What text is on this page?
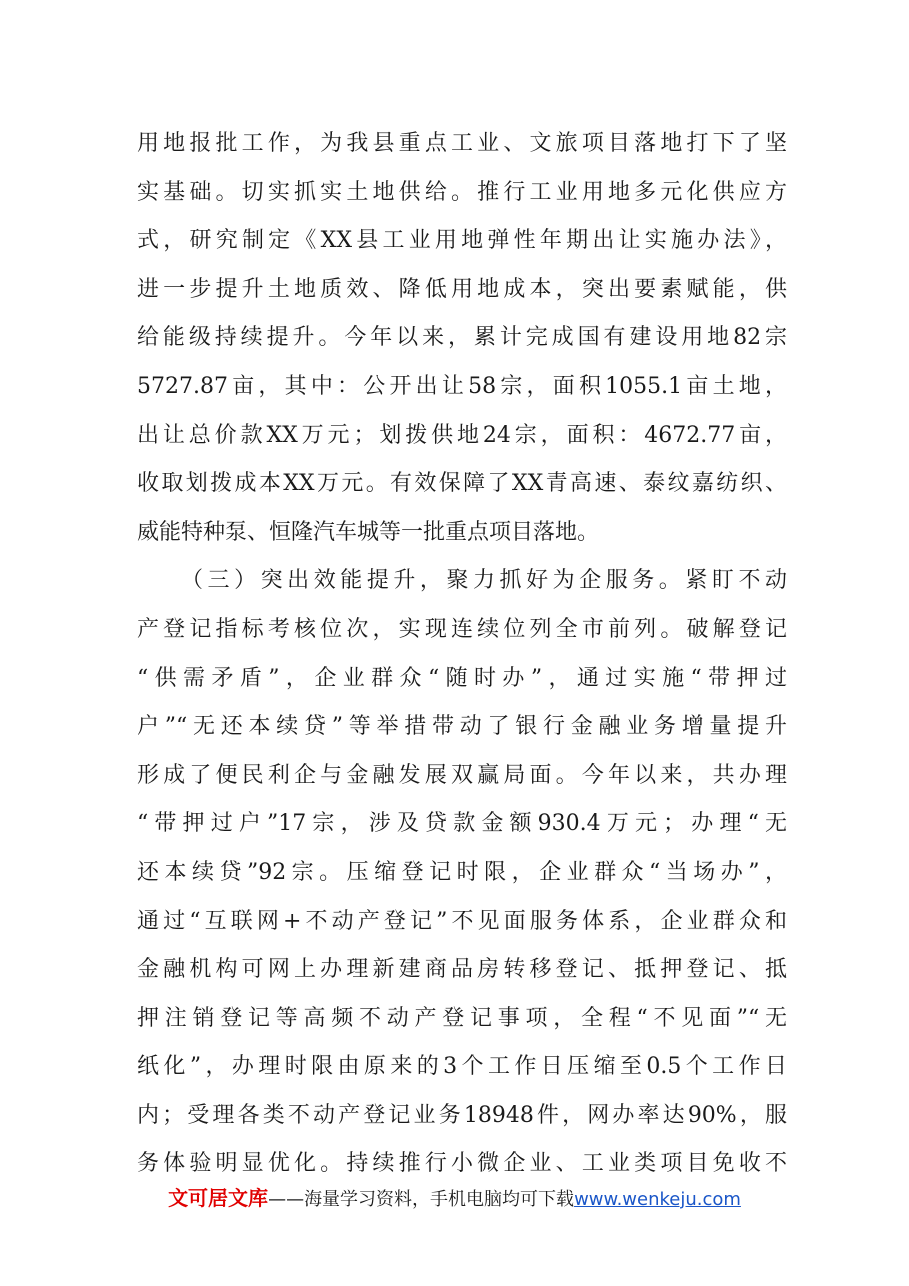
用地报批工作，为我县重点工业、文旅项目落地打下了坚
实基础。切实抓实土地供给。推行工业用地多元化供应方
式，研究制定《XX县工业用地弹性年期出让实施办法》，
进一步提升土地质效、降低用地成本，突出要素赋能，供
给能级持续提升。今年以来，累计完成国有建设用地82宗
5727.87亩，其中：公开出让58宗，面积1055.1亩土地，
出让总价款XX万元；划拨供地24宗，面积：4672.77亩，
收取划拨成本XX万元。有效保障了XX青高速、泰纹嘉纺织、
威能特种泵、恒隆汽车城等一批重点项目落地。
（三）突出效能提升，聚力抓好为企服务。紧盯不动
产登记指标考核位次，实现连续位列全市前列。破解登记
“供需矛盾”，企业群众“随时办”，通过实施“带押过
户”“无还本续贷”等举措带动了银行金融业务增量提升
形成了便民利企与金融发展双赢局面。今年以来，共办理
“带押过户”17宗，涉及贷款金额930.4万元；办理“无
还本续贷”92宗。压缩登记时限，企业群众“当场办”，
通过“互联网+不动产登记”不见面服务体系，企业群众和
金融机构可网上办理新建商品房转移登记、抵押登记、抵
押注销登记等高频不动产登记事项，全程“不见面”“无
纸化”，办理时限由原来的3个工作日压缩至0.5个工作日
内；受理各类不动产登记业务18948件，网办率达90%，服
务体验明显优化。持续推行小微企业、工业类项目免收不
文可居文库——海量学习资料，手机电脑均可下载www.wenkeju.com
